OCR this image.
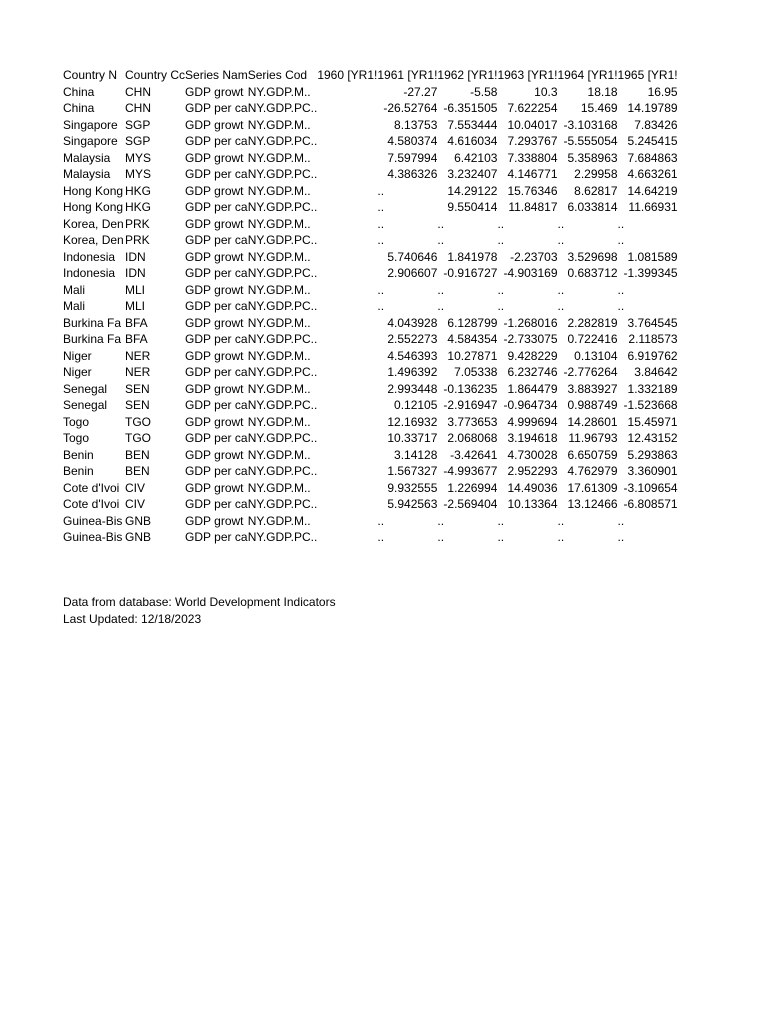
Country N	Country Cc	Series Nam	Series Cod	1960 [YR1!	1961 [YR1!	1962 [YR1!	1963 [YR1!	1964 [YR1!	1965 [YR1!
China	CHN	GDP growt	NY.GDP.M..		-27.27	-5.58	10.3	18.18	16.95
China	CHN	GDP per ca	NY.GDP.PC..		-26.52764	-6.351505	7.622254	15.469	14.19789
Singapore	SGP	GDP growt	NY.GDP.M..		8.13753	7.553444	10.04017	-3.103168	7.83426
Singapore	SGP	GDP per ca	NY.GDP.PC..		4.580374	4.616034	7.293767	-5.555054	5.245415
Malaysia	MYS	GDP growt	NY.GDP.M..		7.597994	6.42103	7.338804	5.358963	7.684863
Malaysia	MYS	GDP per ca	NY.GDP.PC..		4.386326	3.232407	4.146771	2.29958	4.663261
Hong Kong	HKG	GDP growt	NY.GDP.M..		..	14.29122	15.76346	8.62817	14.64219
Hong Kong	HKG	GDP per ca	NY.GDP.PC..		..	9.550414	11.84817	6.033814	11.66931
Korea, Den	PRK	GDP growt	NY.GDP.M..		..	..	..	..	..
Korea, Den	PRK	GDP per ca	NY.GDP.PC..		..	..	..	..	..
Indonesia	IDN	GDP growt	NY.GDP.M..		5.740646	1.841978	-2.23703	3.529698	1.081589
Indonesia	IDN	GDP per ca	NY.GDP.PC..		2.906607	-0.916727	-4.903169	0.683712	-1.399345
Mali	MLI	GDP growt	NY.GDP.M..		..	..	..	..	..
Mali	MLI	GDP per ca	NY.GDP.PC..		..	..	..	..	..
Burkina Fa	BFA	GDP growt	NY.GDP.M..		4.043928	6.128799	-1.268016	2.282819	3.764545
Burkina Fa	BFA	GDP per ca	NY.GDP.PC..		2.552273	4.584354	-2.733075	0.722416	2.118573
Niger	NER	GDP growt	NY.GDP.M..		4.546393	10.27871	9.428229	0.13104	6.919762
Niger	NER	GDP per ca	NY.GDP.PC..		1.496392	7.05338	6.232746	-2.776264	3.84642
Senegal	SEN	GDP growt	NY.GDP.M..		2.993448	-0.136235	1.864479	3.883927	1.332189
Senegal	SEN	GDP per ca	NY.GDP.PC..		0.12105	-2.916947	-0.964734	0.988749	-1.523668
Togo	TGO	GDP growt	NY.GDP.M..		12.16932	3.773653	4.999694	14.28601	15.45971
Togo	TGO	GDP per ca	NY.GDP.PC..		10.33717	2.068068	3.194618	11.96793	12.43152
Benin	BEN	GDP growt	NY.GDP.M..		3.14128	-3.42641	4.730028	6.650759	5.293863
Benin	BEN	GDP per ca	NY.GDP.PC..		1.567327	-4.993677	2.952293	4.762979	3.360901
Cote d'Ivoi	CIV	GDP growt	NY.GDP.M..		9.932555	1.226994	14.49036	17.61309	-3.109654
Cote d'Ivoi	CIV	GDP per ca	NY.GDP.PC..		5.942563	-2.569404	10.13364	13.12466	-6.808571
Guinea-Bis	GNB	GDP growt	NY.GDP.M..		..	..	..	..	..
Guinea-Bis	GNB	GDP per ca	NY.GDP.PC..		..	..	..	..	..
Data from database: World Development Indicators
Last Updated: 12/18/2023
